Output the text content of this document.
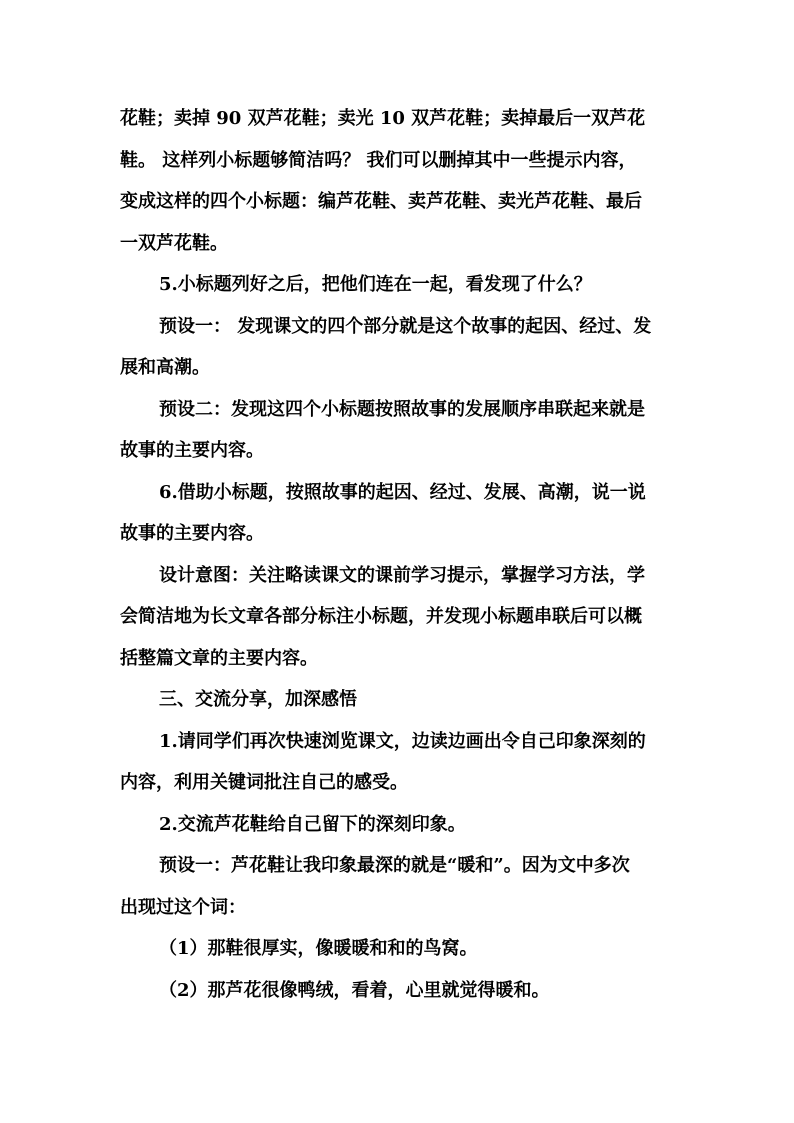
花鞋；卖掉 90 双芦花鞋；卖光 10 双芦花鞋；卖掉最后一双芦花
鞋。 这样列小标题够简洁吗？ 我们可以删掉其中一些提示内容，
变成这样的四个小标题：编芦花鞋、卖芦花鞋、卖光芦花鞋、最后
一双芦花鞋。
5.小标题列好之后，把他们连在一起，看发现了什么？
预设一： 发现课文的四个部分就是这个故事的起因、经过、发
展和高潮。
预设二：发现这四个小标题按照故事的发展顺序串联起来就是
故事的主要内容。
6.借助小标题，按照故事的起因、经过、发展、高潮，说一说
故事的主要内容。
设计意图：关注略读课文的课前学习提示，掌握学习方法，学
会简洁地为长文章各部分标注小标题，并发现小标题串联后可以概
括整篇文章的主要内容。
三、交流分享，加深感悟
1.请同学们再次快速浏览课文，边读边画出令自己印象深刻的
内容，利用关键词批注自己的感受。
2.交流芦花鞋给自己留下的深刻印象。
预设一：芦花鞋让我印象最深的就是“暖和”。因为文中多次
出现过这个词：
（1）那鞋很厚实，像暖暖和和的鸟窝。
（2）那芦花很像鸭绒，看着，心里就觉得暖和。
